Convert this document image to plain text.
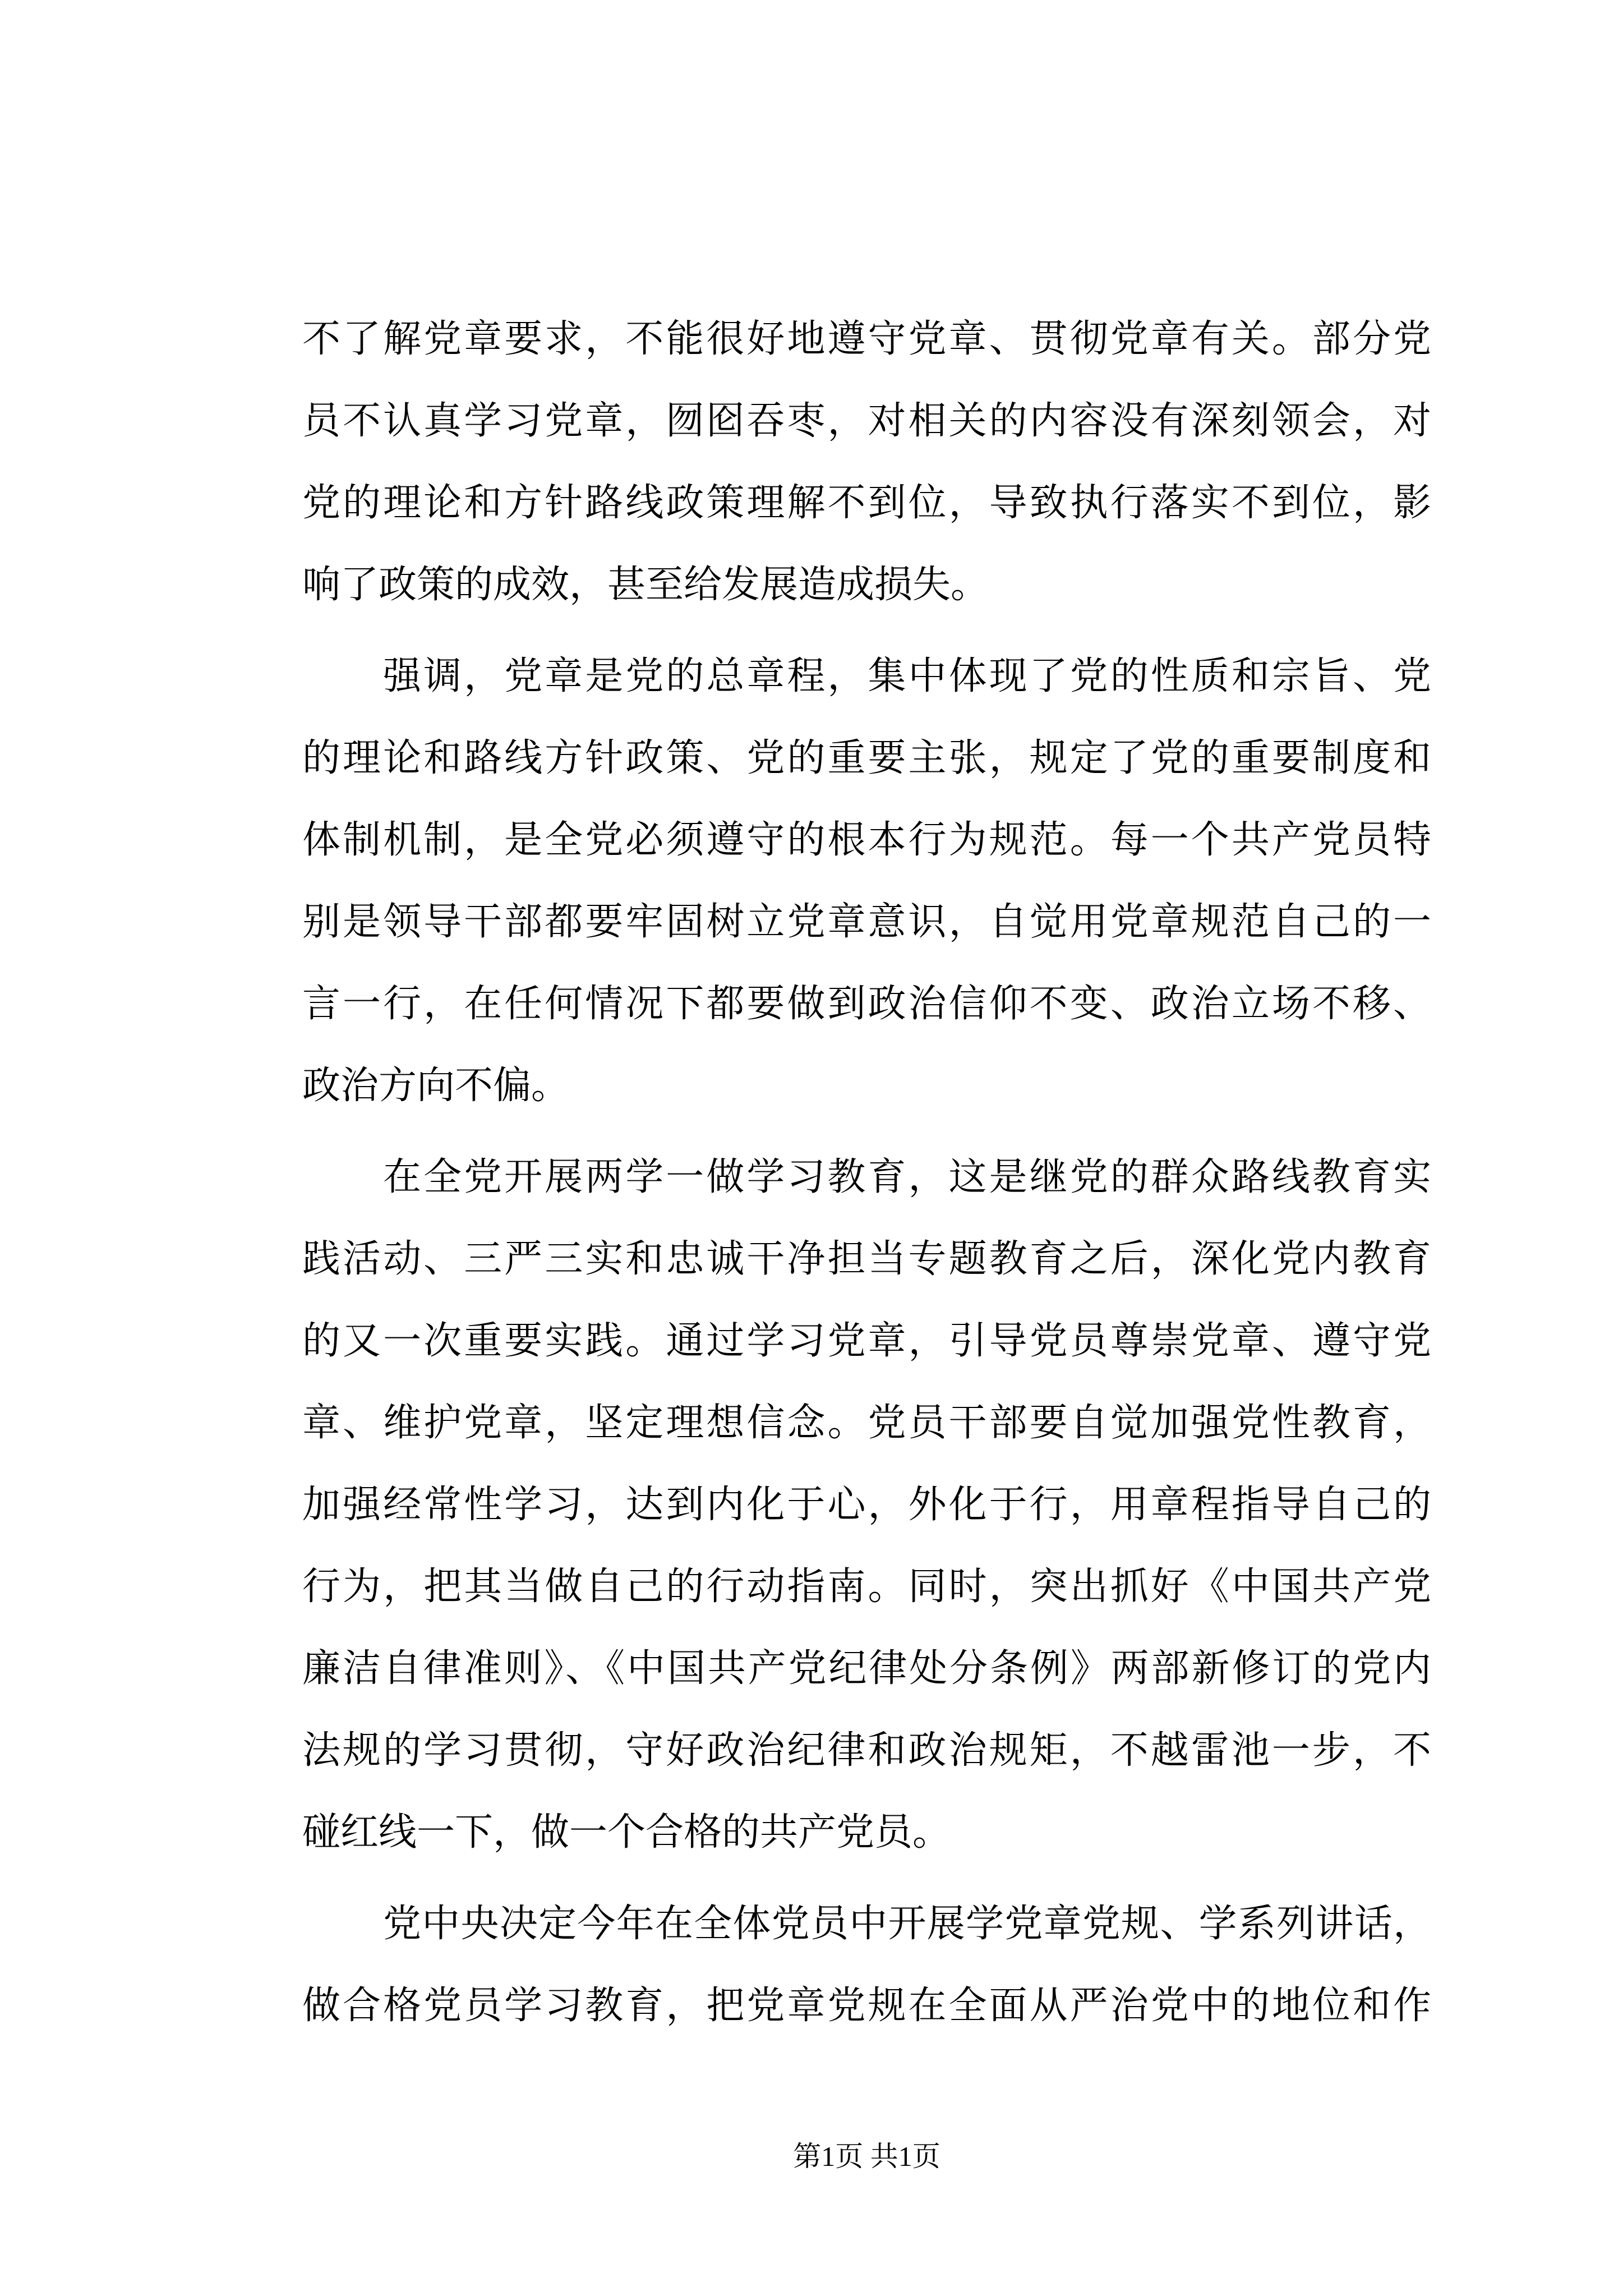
不了解党章要求，不能很好地遵守党章、贯彻党章有关。部分党
员不认真学习党章，囫囵吞枣，对相关的内容没有深刻领会，对
党的理论和方针路线政策理解不到位，导致执行落实不到位，影
响了政策的成效，甚至给发展造成损失。
强调，党章是党的总章程，集中体现了党的性质和宗旨、党
的理论和路线方针政策、党的重要主张，规定了党的重要制度和
体制机制，是全党必须遵守的根本行为规范。每一个共产党员特
别是领导干部都要牢固树立党章意识，自觉用党章规范自己的一
言一行，在任何情况下都要做到政治信仰不变、政治立场不移、
政治方向不偏。
在全党开展两学一做学习教育，这是继党的群众路线教育实
践活动、三严三实和忠诚干净担当专题教育之后，深化党内教育
的又一次重要实践。通过学习党章，引导党员尊崇党章、遵守党
章、维护党章，坚定理想信念。党员干部要自觉加强党性教育，
加强经常性学习，达到内化于心，外化于行，用章程指导自己的
行为，把其当做自己的行动指南。同时，突出抓好《中国共产党
廉洁自律准则》、《中国共产党纪律处分条例》两部新修订的党内
法规的学习贯彻，守好政治纪律和政治规矩，不越雷池一步，不
碰红线一下，做一个合格的共产党员。
党中央决定今年在全体党员中开展学党章党规、学系列讲话，
做合格党员学习教育，把党章党规在全面从严治党中的地位和作
第1页 共1页
